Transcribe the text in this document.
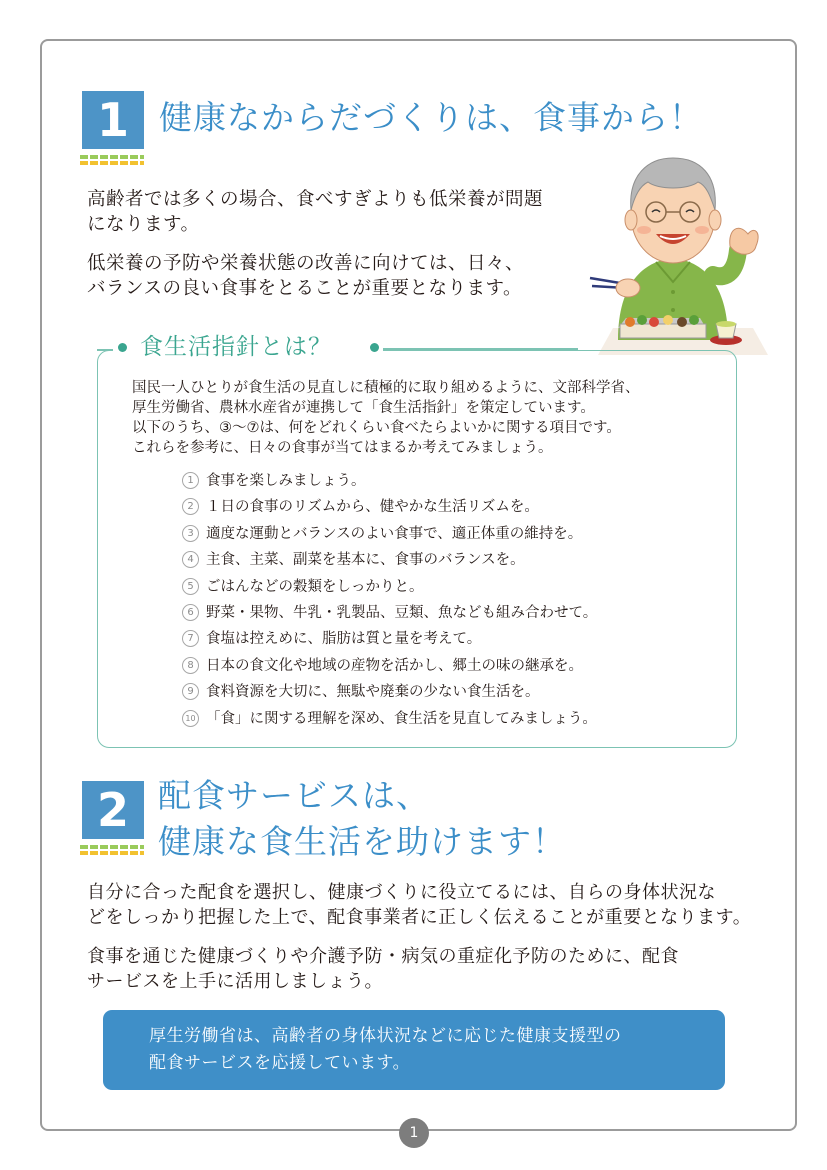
1 健康なからだづくりは、食事から！
高齢者では多くの場合、食べすぎよりも低栄養が問題
になります。
低栄養の予防や栄養状態の改善に向けては、日々、
バランスの良い食事をとることが重要となります。
食生活指針とは？
国民一人ひとりが食生活の見直しに積極的に取り組めるように、文部科学省、
厚生労働省、農林水産省が連携して「食生活指針」を策定しています。
以下のうち、③～⑦は、何をどれくらい食べたらよいかに関する項目です。
これらを参考に、日々の食事が当てはまるか考えてみましょう。
1 食事を楽しみましょう。
2 １日の食事のリズムから、健やかな生活リズムを。
3 適度な運動とバランスのよい食事で、適正体重の維持を。
4 主食、主菜、副菜を基本に、食事のバランスを。
5 ごはんなどの穀類をしっかりと。
6 野菜・果物、牛乳・乳製品、豆類、魚なども組み合わせて。
7 食塩は控えめに、脂肪は質と量を考えて。
8 日本の食文化や地域の産物を活かし、郷土の味の継承を。
9 食料資源を大切に、無駄や廃棄の少ない食生活を。
10 「食」に関する理解を深め、食生活を見直してみましょう。
2 配食サービスは、
健康な食生活を助けます！
自分に合った配食を選択し、健康づくりに役立てるには、自らの身体状況な
どをしっかり把握した上で、配食事業者に正しく伝えることが重要となります。
食事を通じた健康づくりや介護予防・病気の重症化予防のために、配食
サービスを上手に活用しましょう。
厚生労働省は、高齢者の身体状況などに応じた健康支援型の
配食サービスを応援しています。
1
